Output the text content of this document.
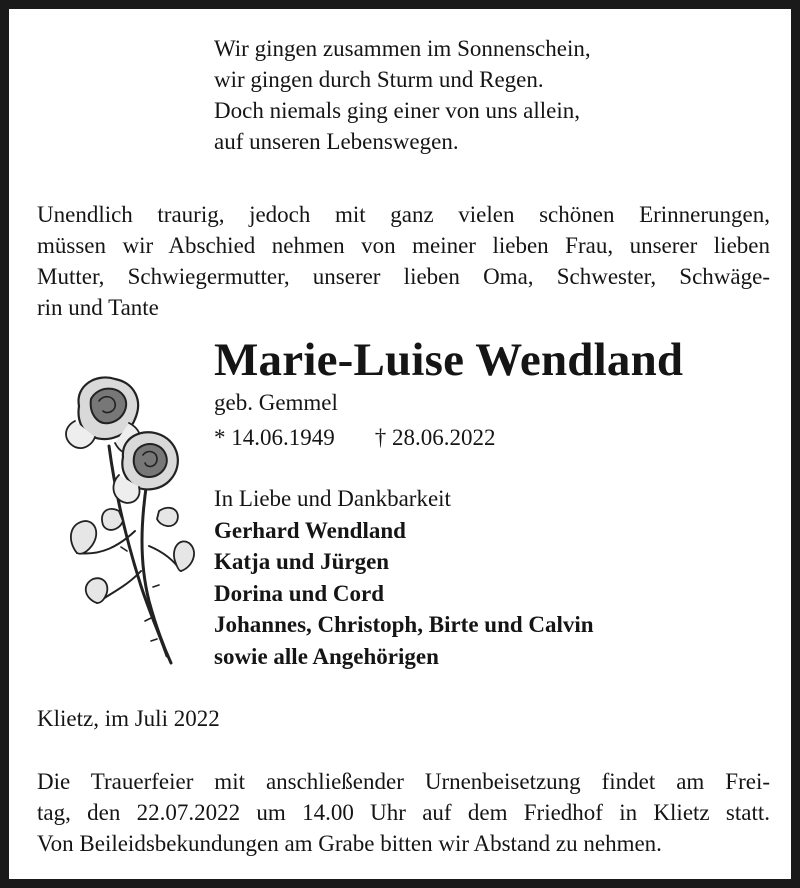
Wir gingen zusammen im Sonnenschein,
wir gingen durch Sturm und Regen.
Doch niemals ging einer von uns allein,
auf unseren Lebenswegen.
Unendlich traurig, jedoch mit ganz vielen schönen Erinnerungen,
müssen wir Abschied nehmen von meiner lieben Frau, unserer lieben
Mutter, Schwiegermutter, unserer lieben Oma, Schwester, Schwäge-
rin und Tante
Marie-Luise Wendland
geb. Gemmel
* 14.06.1949 † 28.06.2022
In Liebe und Dankbarkeit
Gerhard Wendland
Katja und Jürgen
Dorina und Cord
Johannes, Christoph, Birte und Calvin
sowie alle Angehörigen
Klietz, im Juli 2022
Die Trauerfeier mit anschließender Urnenbeisetzung findet am Frei-
tag, den 22.07.2022 um 14.00 Uhr auf dem Friedhof in Klietz statt.
Von Beileidsbekundungen am Grabe bitten wir Abstand zu nehmen.
